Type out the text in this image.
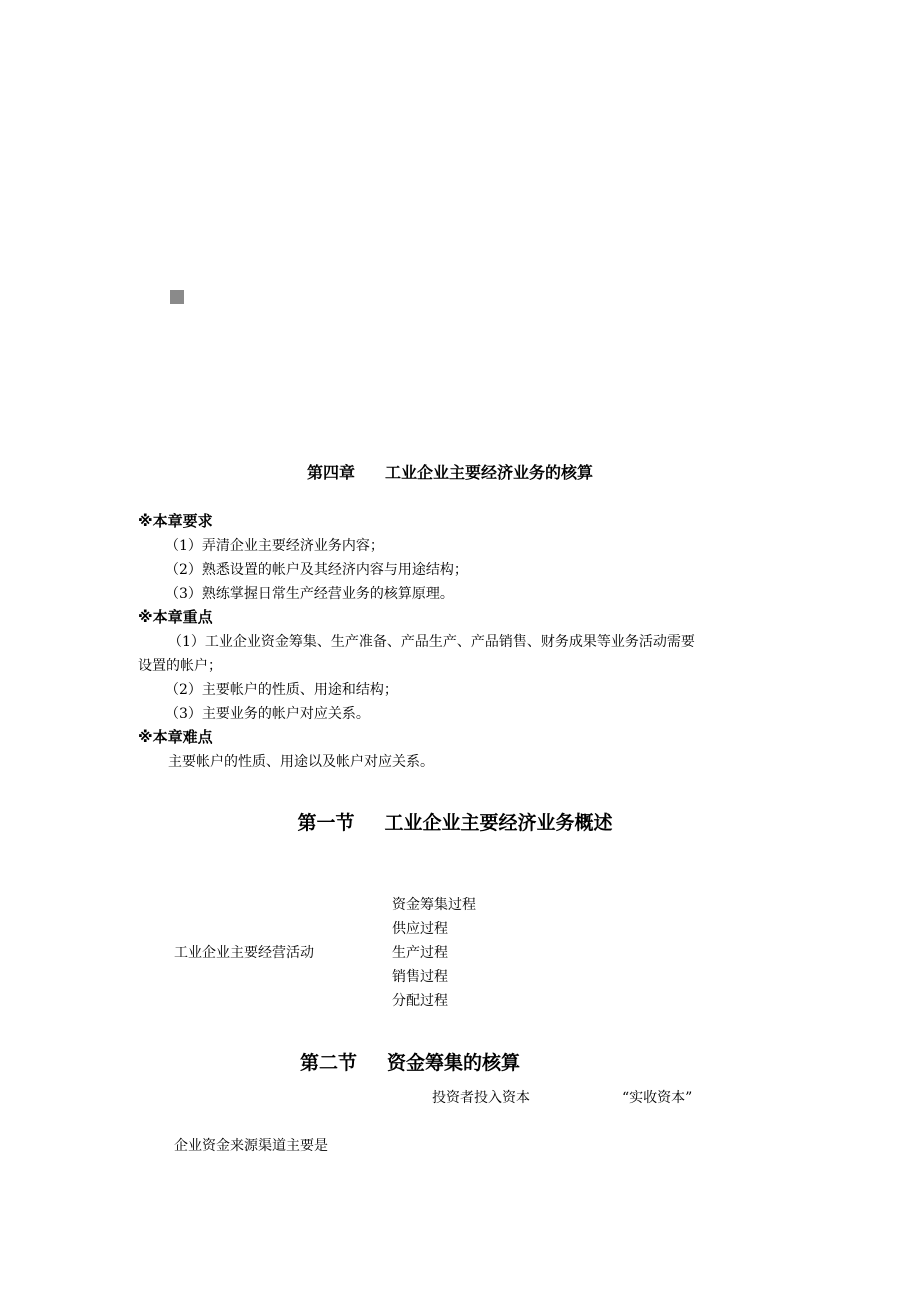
第四章 工业企业主要经济业务的核算
※本章要求
（1）弄清企业主要经济业务内容；
（2）熟悉设置的帐户及其经济内容与用途结构；
（3）熟练掌握日常生产经营业务的核算原理。
※本章重点
（1）工业企业资金筹集、生产准备、产品生产、产品销售、财务成果等业务活动需要
设置的帐户；
（2）主要帐户的性质、用途和结构；
（3）主要业务的帐户对应关系。
※本章难点
主要帐户的性质、用途以及帐户对应关系。
第一节 工业企业主要经济业务概述
工业企业主要经营活动
资金筹集过程
供应过程
生产过程
销售过程
分配过程
第二节 资金筹集的核算
投资者投入资本	“实收资本”
企业资金来源渠道主要是
